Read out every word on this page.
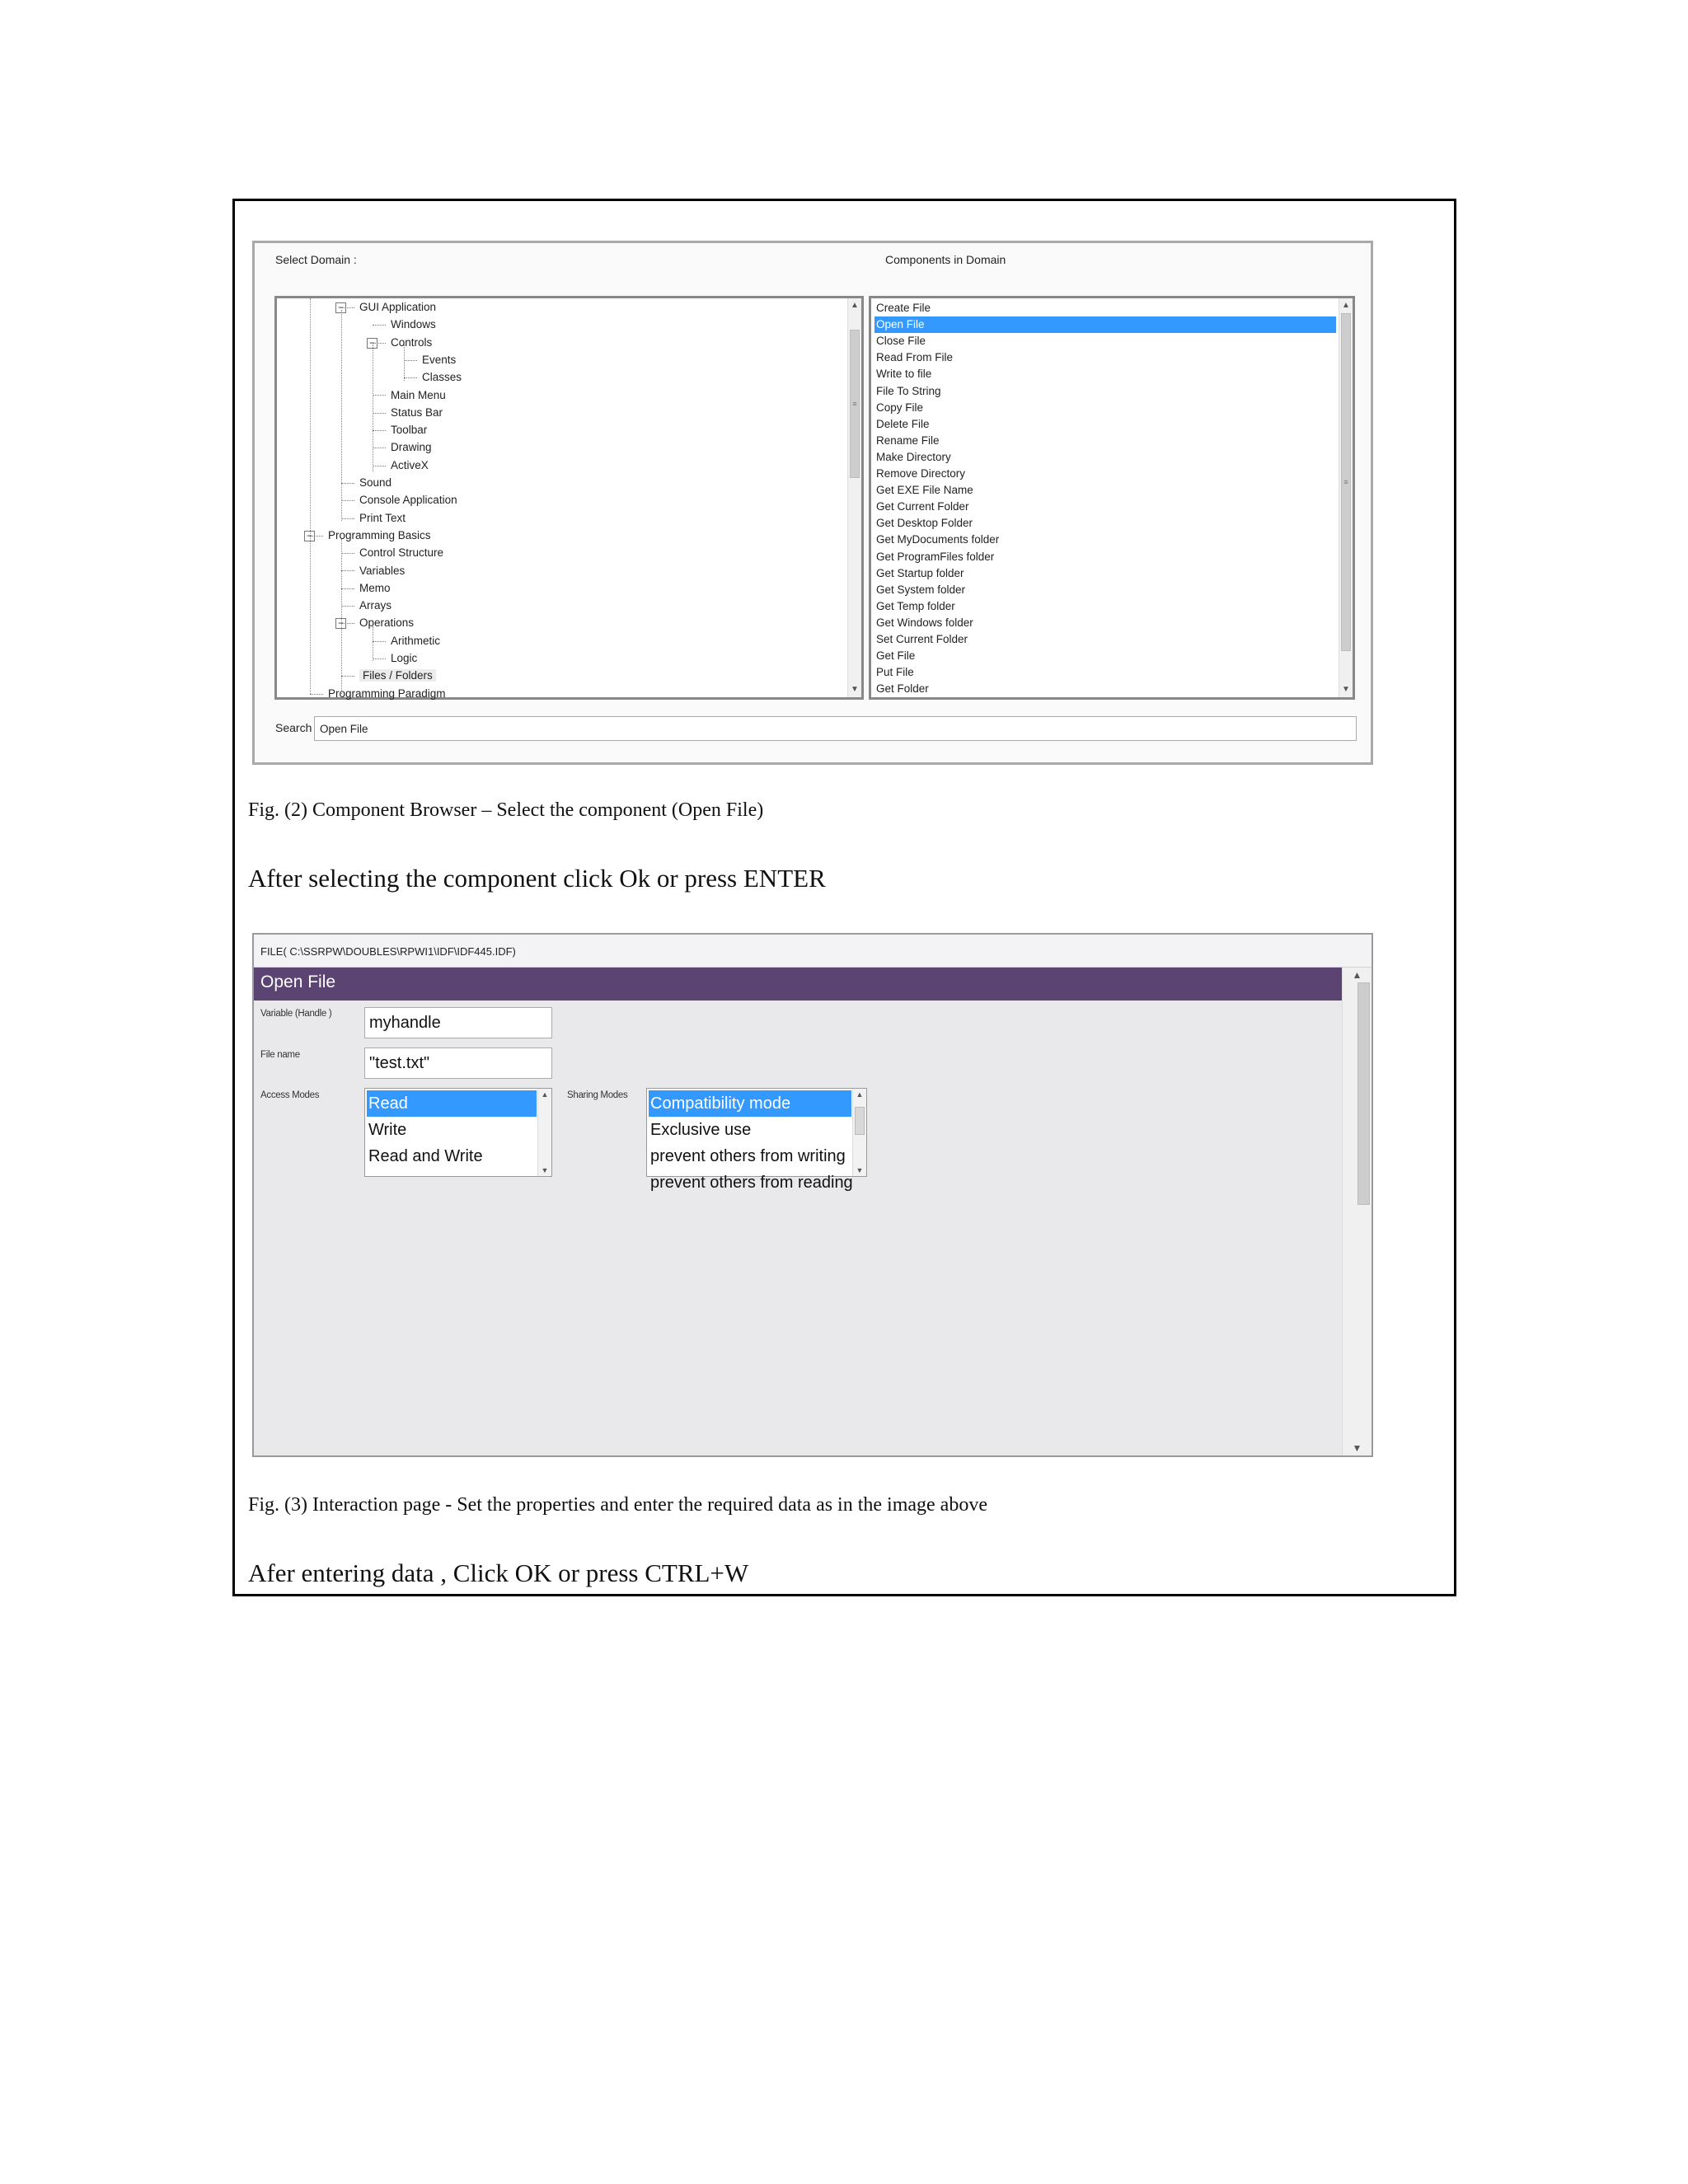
Select Domain :	Components in Domain
▲
≡
▼
−	GUI Application
Windows
−	Controls
Events
Classes
Main Menu
Status Bar
Toolbar
Drawing
ActiveX
Sound
Console Application
Print Text
−	Programming Basics
Control Structure
Variables
Memo
Arrays
−	Operations
Arithmetic
Logic
Files / Folders
Programming Paradigm
▲
≡
▼
Create File
Open File
Close File
Read From File
Write to file
File To String
Copy File
Delete File
Rename File
Make Directory
Remove Directory
Get EXE File Name
Get Current Folder
Get Desktop Folder
Get MyDocuments folder
Get ProgramFiles folder
Get Startup folder
Get System folder
Get Temp folder
Get Windows folder
Set Current Folder
Get File
Put File
Get Folder
Search
Open File
Fig. (2) Component Browser – Select the component (Open File)
After selecting the component click Ok or press ENTER
FILE( C:\SSRPW\DOUBLES\RPWI1\IDF\IDF445.IDF)
Open File	▲
▼
Variable (Handle )
myhandle
File name
"test.txt"
Access Modes	▲
▼
Read
Write
Read and Write
Sharing Modes	▲
▼
Compatibility mode
Exclusive use
prevent others from writing
prevent others from reading
Fig. (3) Interaction page - Set the properties and enter the required data as in the image above
Afer entering data , Click OK or press CTRL+W
